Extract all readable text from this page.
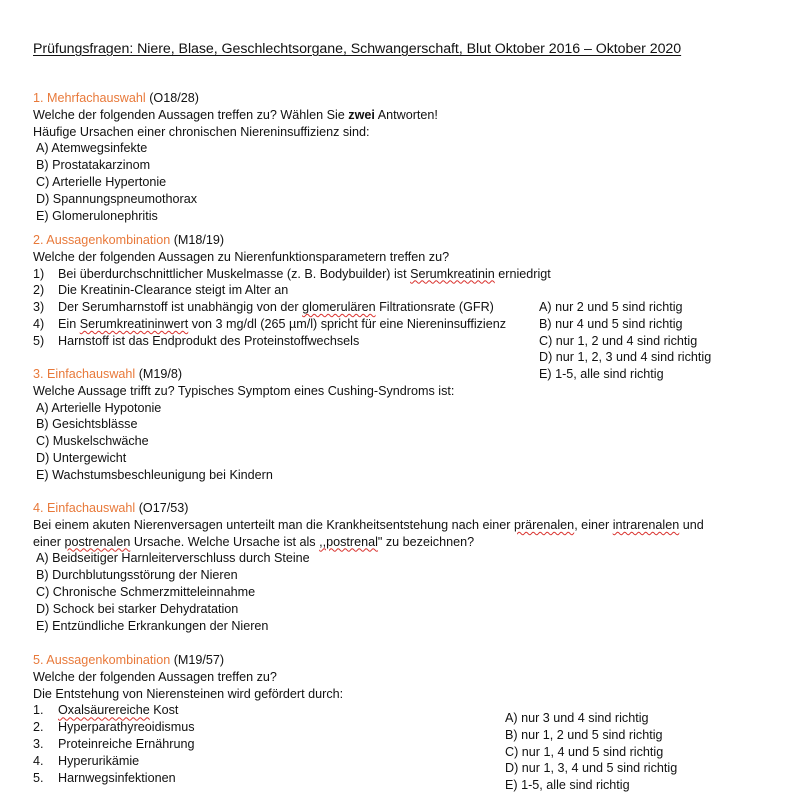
Prüfungsfragen: Niere, Blase, Geschlechtsorgane, Schwangerschaft, Blut Oktober 2016 – Oktober 2020
1. Mehrfachauswahl (O18/28)
Welche der folgenden Aussagen treffen zu? Wählen Sie zwei Antworten!
Häufige Ursachen einer chronischen Niereninsuffizienz sind:
A) Atemwegsinfekte
B) Prostatakarzinom
C) Arterielle Hypertonie
D) Spannungspneumothorax
E) Glomerulonephritis
2. Aussagenkombination (M18/19)
Welche der folgenden Aussagen zu Nierenfunktionsparametern treffen zu?
1) Bei überdurchschnittlicher Muskelmasse (z. B. Bodybuilder) ist Serumkreatinin erniedrigt
2) Die Kreatinin-Clearance steigt im Alter an
3) Der Serumharnstoff ist unabhängig von der glomerulären Filtrationsrate (GFR)
4) Ein Serumkreatininwert von 3 mg/dl (265 µm/l) spricht für eine Niereninsuffizienz
5) Harnstoff ist das Endprodukt des Proteinstoffwechsels
A) nur 2 und 5 sind richtig
B) nur 4 und 5 sind richtig
C) nur 1, 2 und 4 sind richtig
D) nur 1, 2, 3 und 4 sind richtig
E) 1-5, alle sind richtig
3. Einfachauswahl (M19/8)
Welche Aussage trifft zu? Typisches Symptom eines Cushing-Syndroms ist:
A) Arterielle Hypotonie
B) Gesichtsblässe
C) Muskelschwäche
D) Untergewicht
E) Wachstumsbeschleunigung bei Kindern
4. Einfachauswahl (O17/53)
Bei einem akuten Nierenversagen unterteilt man die Krankheitsentstehung nach einer prärenalen, einer intrarenalen und
einer postrenalen Ursache. Welche Ursache ist als ,,postrenal" zu bezeichnen?
A) Beidseitiger Harnleiterverschluss durch Steine
B) Durchblutungsstörung der Nieren
C) Chronische Schmerzmitteleinnahme
D) Schock bei starker Dehydratation
E) Entzündliche Erkrankungen der Nieren
5. Aussagenkombination (M19/57)
Welche der folgenden Aussagen treffen zu?
Die Entstehung von Nierensteinen wird gefördert durch:
1. Oxalsäurereiche Kost
2. Hyperparathyreoidismus
3. Proteinreiche Ernährung
4. Hyperurikämie
5. Harnwegsinfektionen
A) nur 3 und 4 sind richtig
B) nur 1, 2 und 5 sind richtig
C) nur 1, 4 und 5 sind richtig
D) nur 1, 3, 4 und 5 sind richtig
E) 1-5, alle sind richtig
